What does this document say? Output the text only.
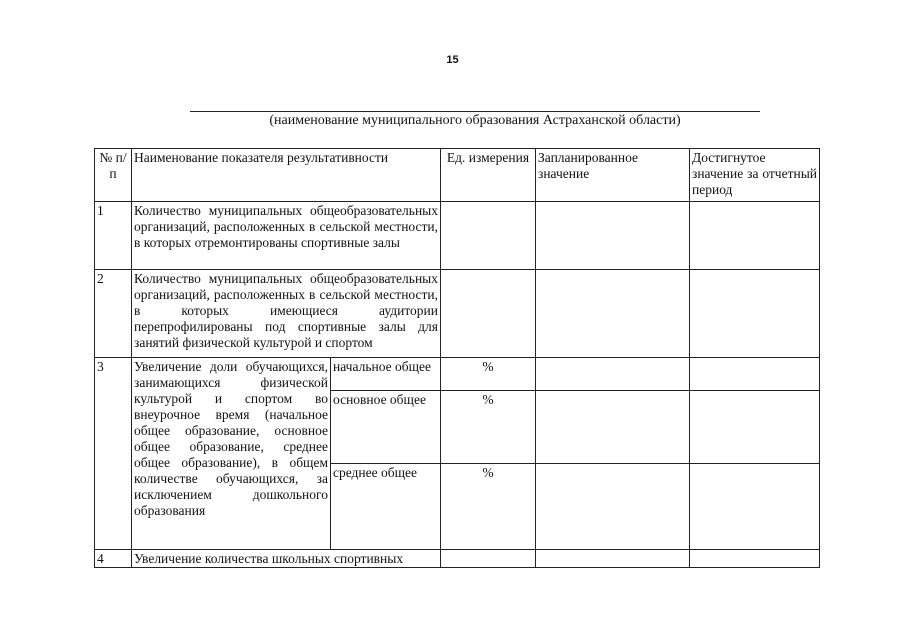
15
(наименование муниципального образования Астраханской области)
№ п/п	Наименование показателя результативности		Ед. измерения	Запланированное значение	Достигнутое значение за отчетный период
1	Количество муниципальных общеобразовательных организаций, расположенных в сельской местности, в которых отремонтированы спортивные залы				
2	Количество муниципальных общеобразовательных организаций, расположенных в сельской местности, в которых имеющиеся аудитории перепрофилированы под спортивные залы для занятий физической культурой и спортом				
3	Увеличение доли обучающихся, занимающихся физической культурой и спортом во внеурочное время (начальное общее образование, основное общее образование, среднее общее образование), в общем количестве обучающихся, за исключением дошкольного образования	начальное общее	%		
		основное общее	%		
		среднее общее	%		
4	Увеличение количества школьных спортивных				
